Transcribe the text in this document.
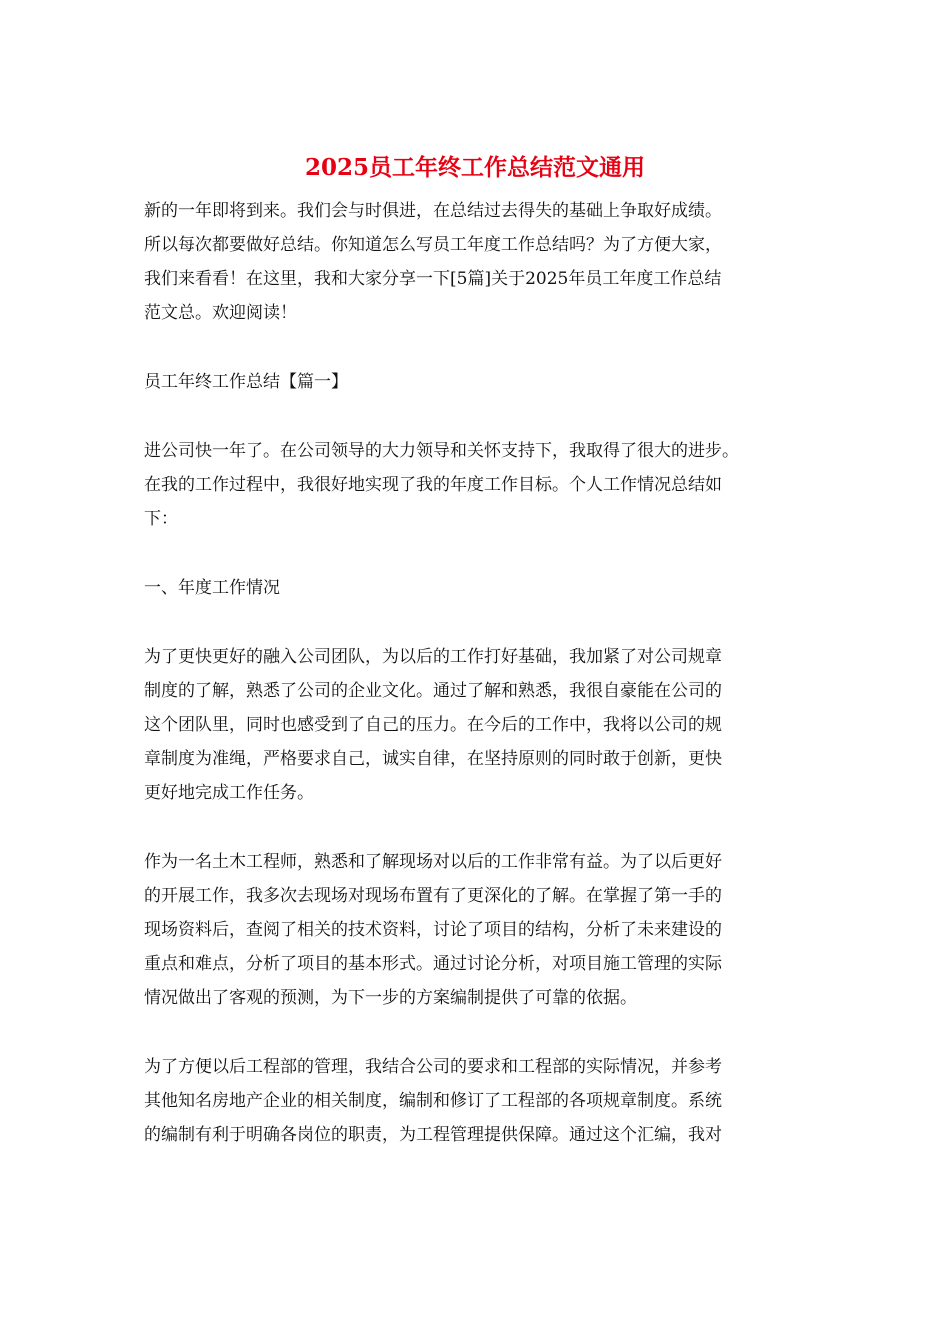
2025员工年终工作总结范文通用
新的一年即将到来。我们会与时俱进，在总结过去得失的基础上争取好成绩。
所以每次都要做好总结。你知道怎么写员工年度工作总结吗？为了方便大家，
我们来看看！在这里，我和大家分享一下[5篇]关于2025年员工年度工作总结
范文总。欢迎阅读！
员工年终工作总结【篇一】
进公司快一年了。在公司领导的大力领导和关怀支持下，我取得了很大的进步。
在我的工作过程中，我很好地实现了我的年度工作目标。个人工作情况总结如
下：
一、年度工作情况
为了更快更好的融入公司团队，为以后的工作打好基础，我加紧了对公司规章
制度的了解，熟悉了公司的企业文化。通过了解和熟悉，我很自豪能在公司的
这个团队里，同时也感受到了自己的压力。在今后的工作中，我将以公司的规
章制度为准绳，严格要求自己，诚实自律，在坚持原则的同时敢于创新，更快
更好地完成工作任务。
作为一名土木工程师，熟悉和了解现场对以后的工作非常有益。为了以后更好
的开展工作，我多次去现场对现场布置有了更深化的了解。在掌握了第一手的
现场资料后，查阅了相关的技术资料，讨论了项目的结构，分析了未来建设的
重点和难点，分析了项目的基本形式。通过讨论分析，对项目施工管理的实际
情况做出了客观的预测，为下一步的方案编制提供了可靠的依据。
为了方便以后工程部的管理，我结合公司的要求和工程部的实际情况，并参考
其他知名房地产企业的相关制度，编制和修订了工程部的各项规章制度。系统
的编制有利于明确各岗位的职责，为工程管理提供保障。通过这个汇编，我对
